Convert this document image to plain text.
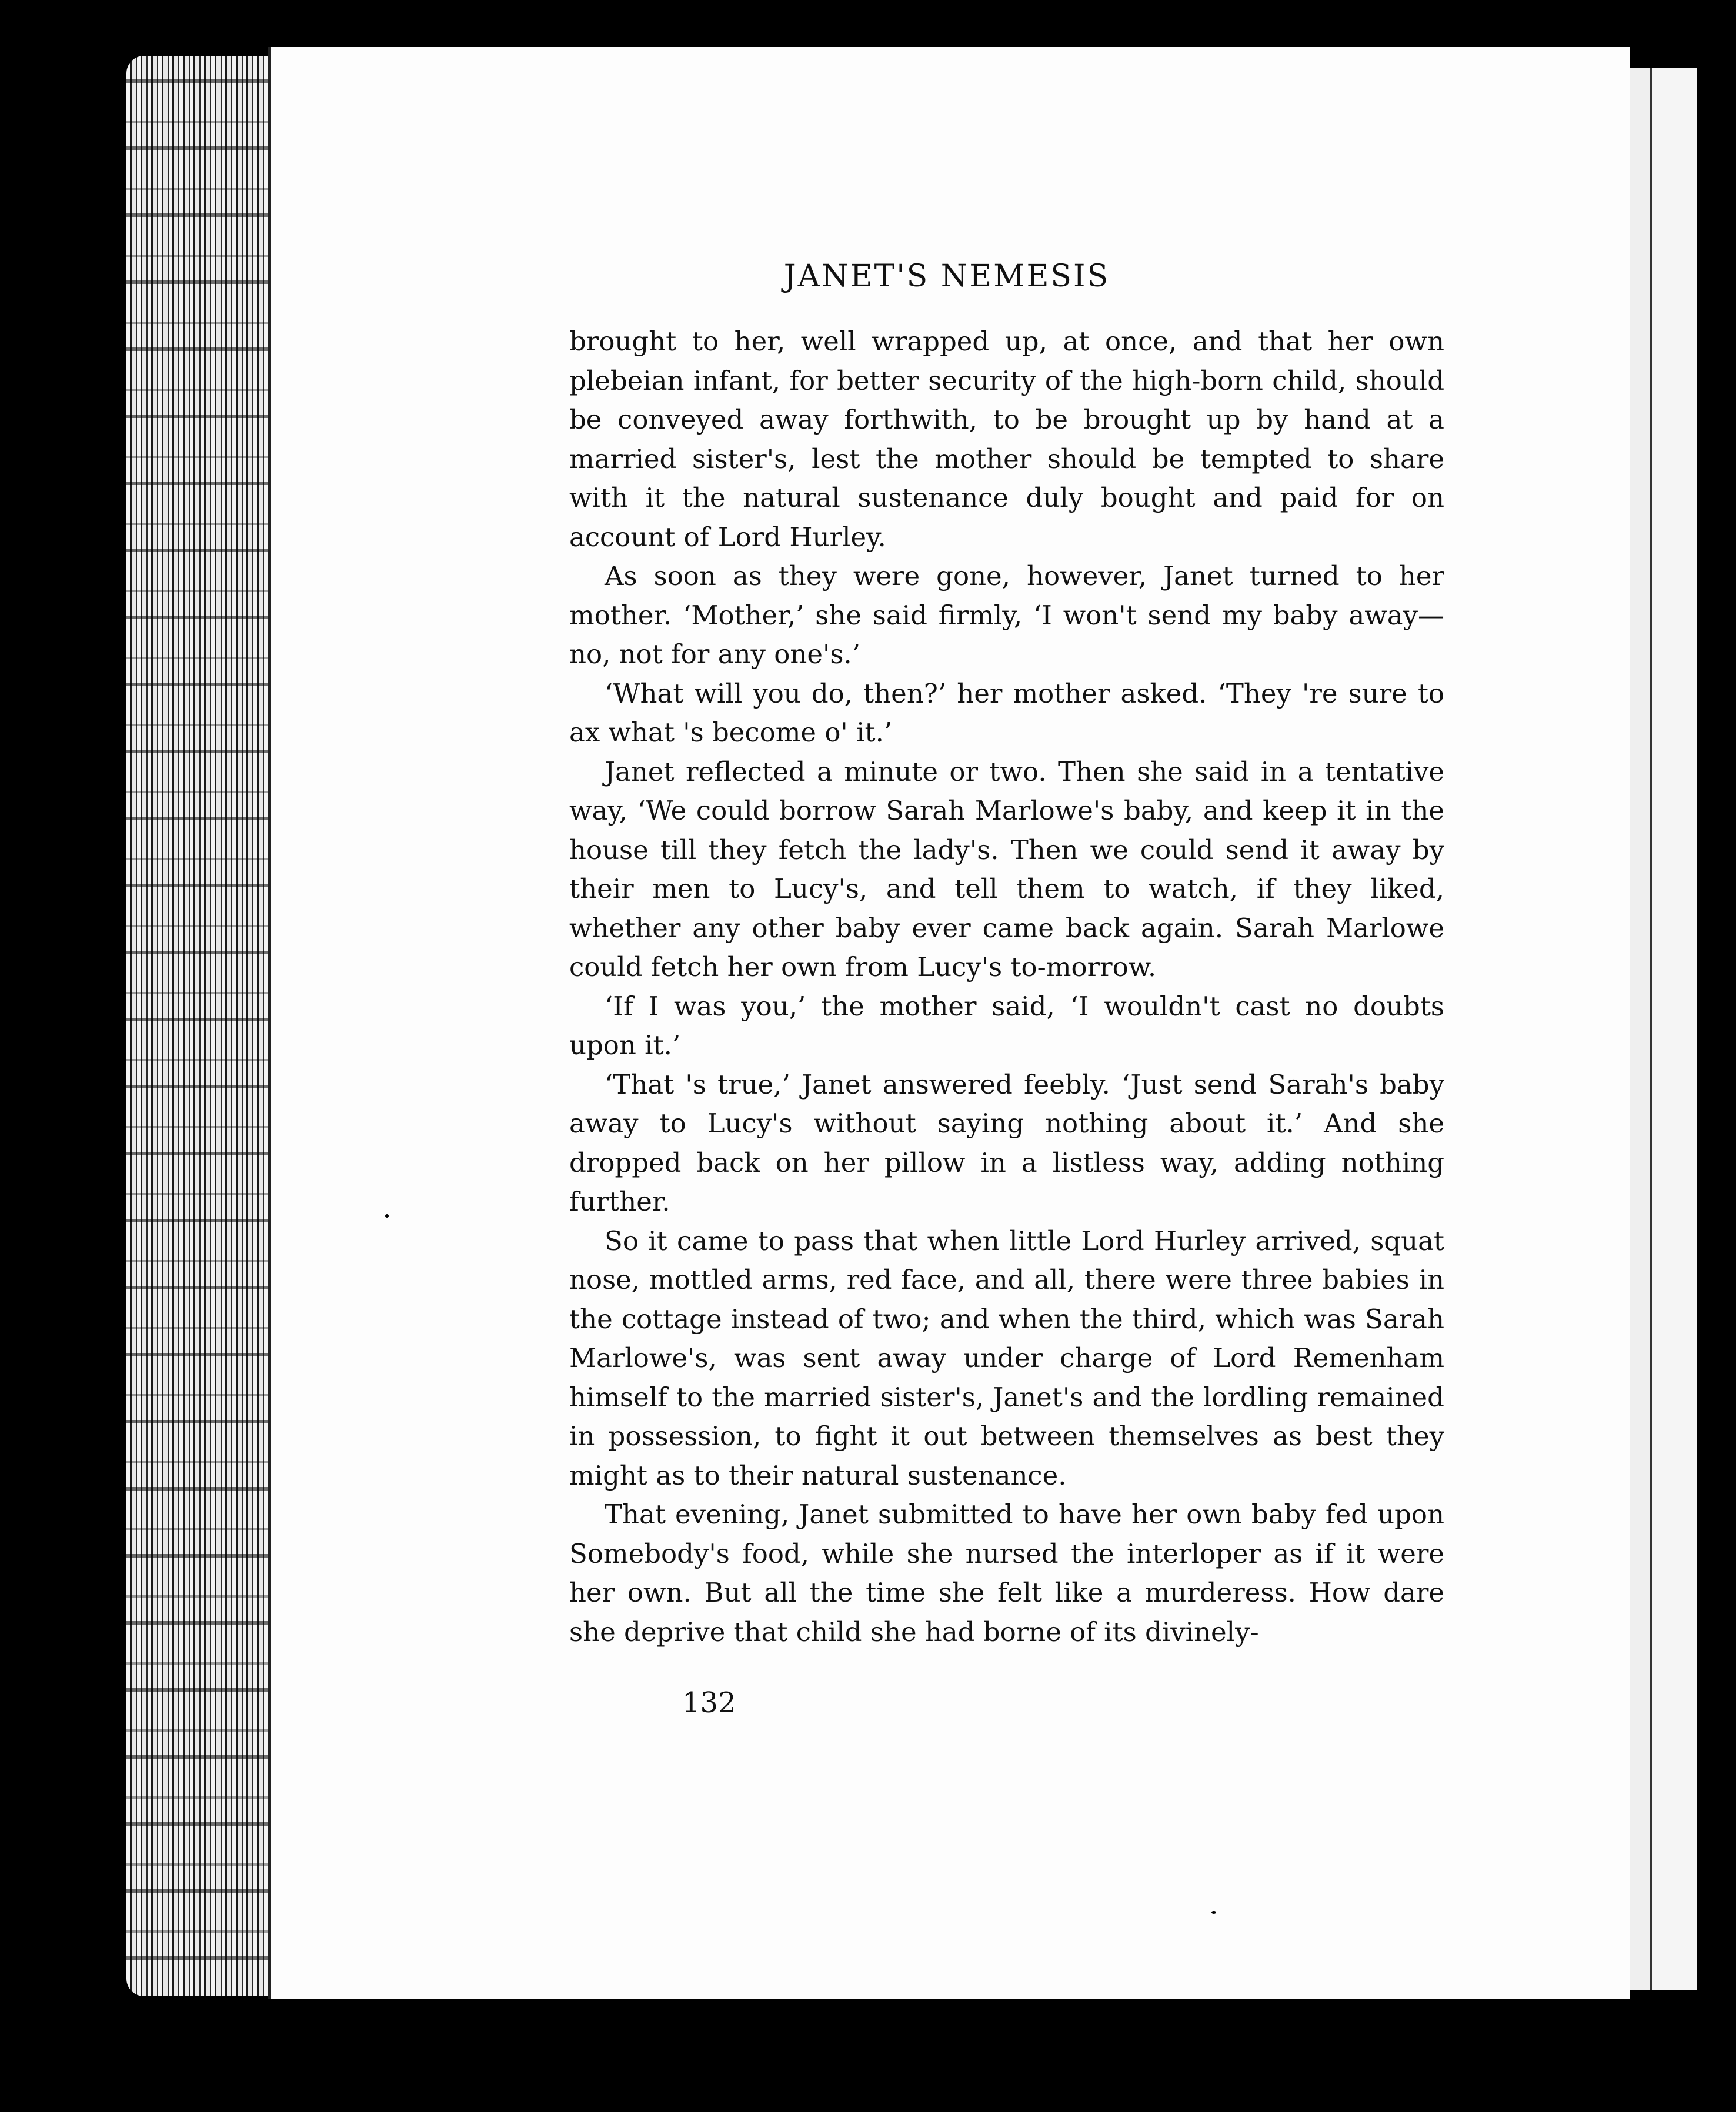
JANET'S NEMESIS

brought to her, well wrapped up, at once, and that her own plebeian infant, for better security of the high-born child, should be conveyed away forthwith, to be brought up by hand at a married sister's, lest the mother should be tempted to share with it the natural sustenance duly bought and paid for on account of Lord Hurley.

As soon as they were gone, however, Janet turned to her mother. ‘Mother,’ she said firmly, ‘I won't send my baby away—no, not for any one's.’

‘What will you do, then?’ her mother asked. ‘They 're sure to ax what 's become o' it.’

Janet reflected a minute or two. Then she said in a tentative way, ‘We could borrow Sarah Marlowe's baby, and keep it in the house till they fetch the lady's. Then we could send it away by their men to Lucy's, and tell them to watch, if they liked, whether any other baby ever came back again. Sarah Marlowe could fetch her own from Lucy's to-morrow.

‘If I was you,’ the mother said, ‘I wouldn't cast no doubts upon it.’

‘That 's true,’ Janet answered feebly. ‘Just send Sarah's baby away to Lucy's without saying nothing about it.’ And she dropped back on her pillow in a listless way, adding nothing further.

So it came to pass that when little Lord Hurley arrived, squat nose, mottled arms, red face, and all, there were three babies in the cottage instead of two; and when the third, which was Sarah Marlowe's, was sent away under charge of Lord Remenham himself to the married sister's, Janet's and the lordling remained in possession, to fight it out between themselves as best they might as to their natural sustenance.

That evening, Janet submitted to have her own baby fed upon Somebody's food, while she nursed the interloper as if it were her own. But all the time she felt like a murderess. How dare she deprive that child she had borne of its divinely-

132
